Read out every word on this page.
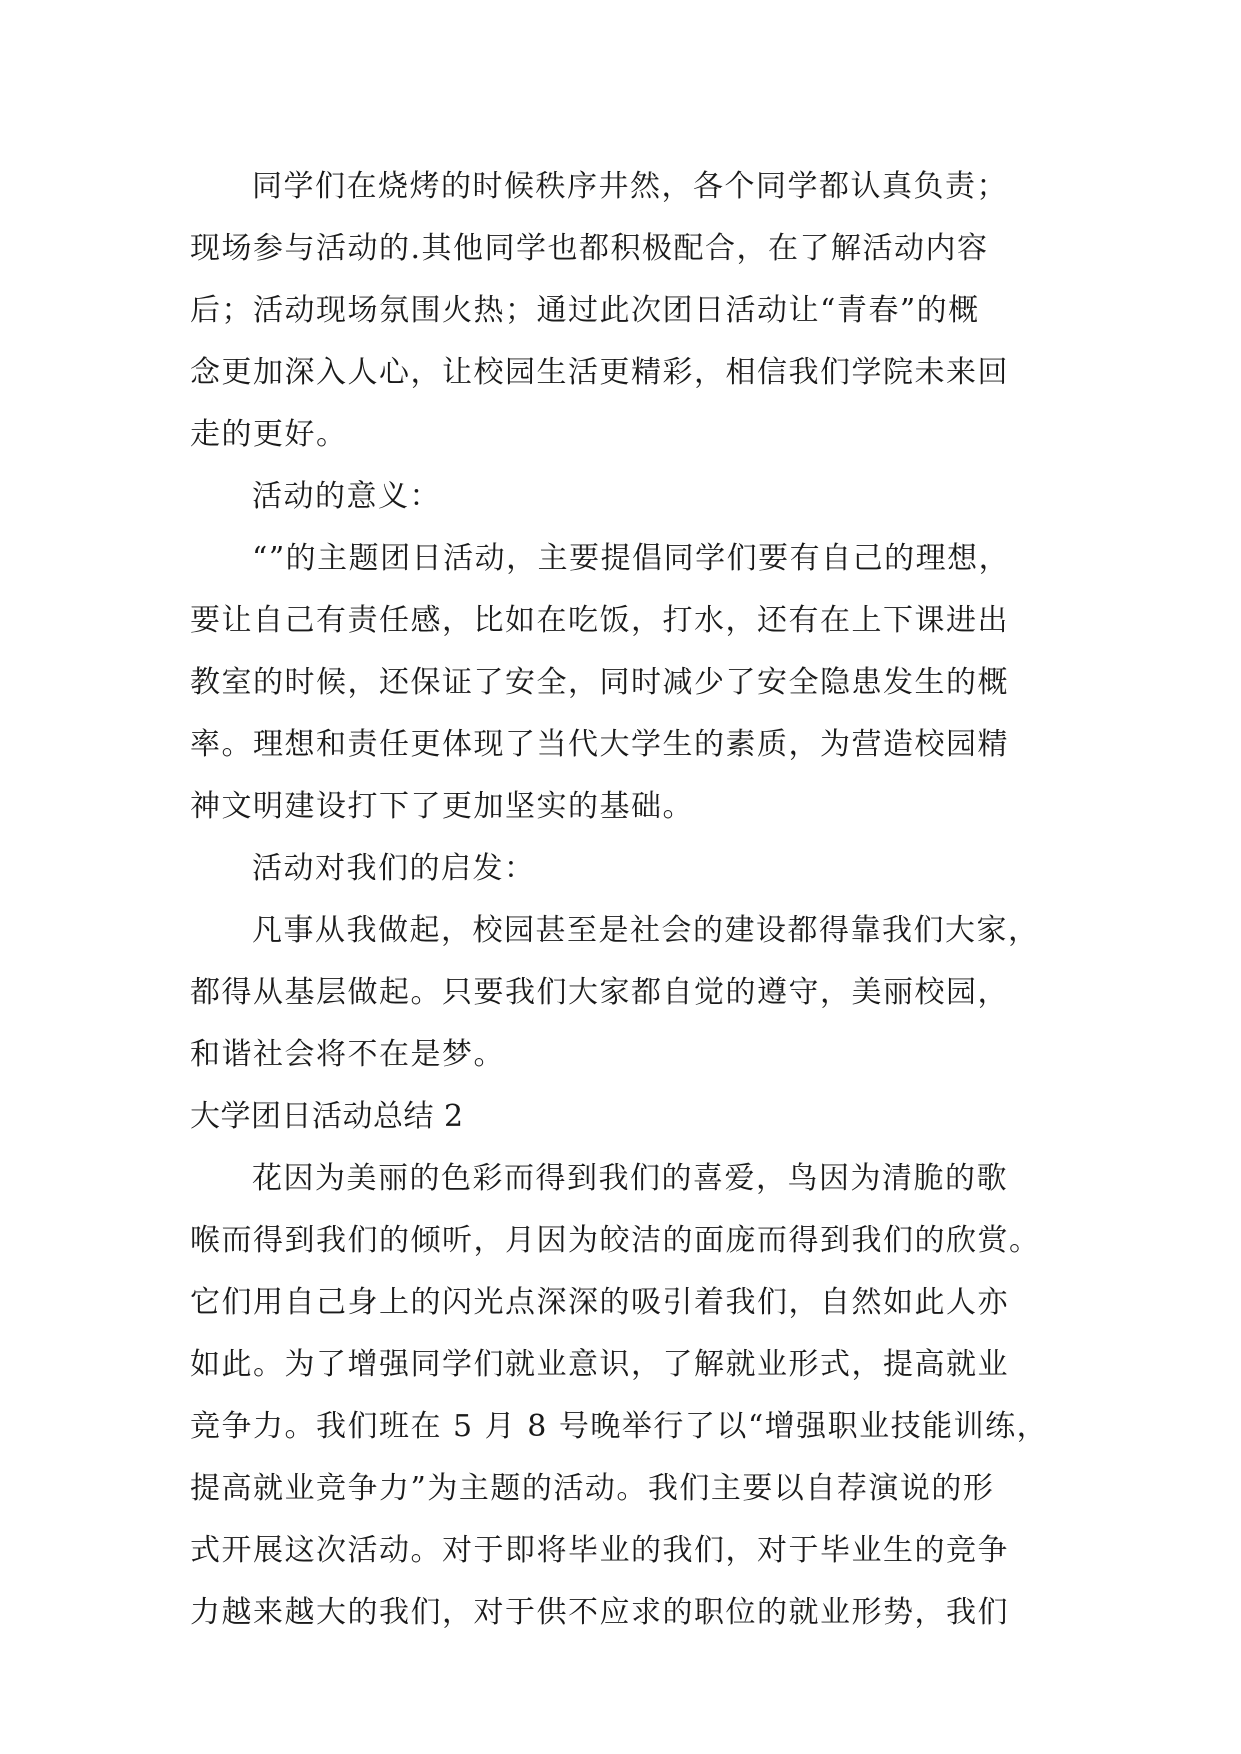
同学们在烧烤的时候秩序井然，各个同学都认真负责；
现场参与活动的.其他同学也都积极配合，在了解活动内容
后；活动现场氛围火热；通过此次团日活动让“青春”的概
念更加深入人心，让校园生活更精彩，相信我们学院未来回
走的更好。
活动的意义：
“”的主题团日活动，主要提倡同学们要有自己的理想，
要让自己有责任感，比如在吃饭，打水，还有在上下课进出
教室的时候，还保证了安全，同时减少了安全隐患发生的概
率。理想和责任更体现了当代大学生的素质，为营造校园精
神文明建设打下了更加坚实的基础。
活动对我们的启发：
凡事从我做起，校园甚至是社会的建设都得靠我们大家，
都得从基层做起。只要我们大家都自觉的遵守，美丽校园，
和谐社会将不在是梦。
大学团日活动总结 2
花因为美丽的色彩而得到我们的喜爱，鸟因为清脆的歌
喉而得到我们的倾听，月因为皎洁的面庞而得到我们的欣赏。
它们用自己身上的闪光点深深的吸引着我们，自然如此人亦
如此。为了增强同学们就业意识，了解就业形式，提高就业
竞争力。我们班在 5 月 8 号晚举行了以“增强职业技能训练，
提高就业竞争力”为主题的活动。我们主要以自荐演说的形
式开展这次活动。对于即将毕业的我们，对于毕业生的竞争
力越来越大的我们，对于供不应求的职位的就业形势，我们
